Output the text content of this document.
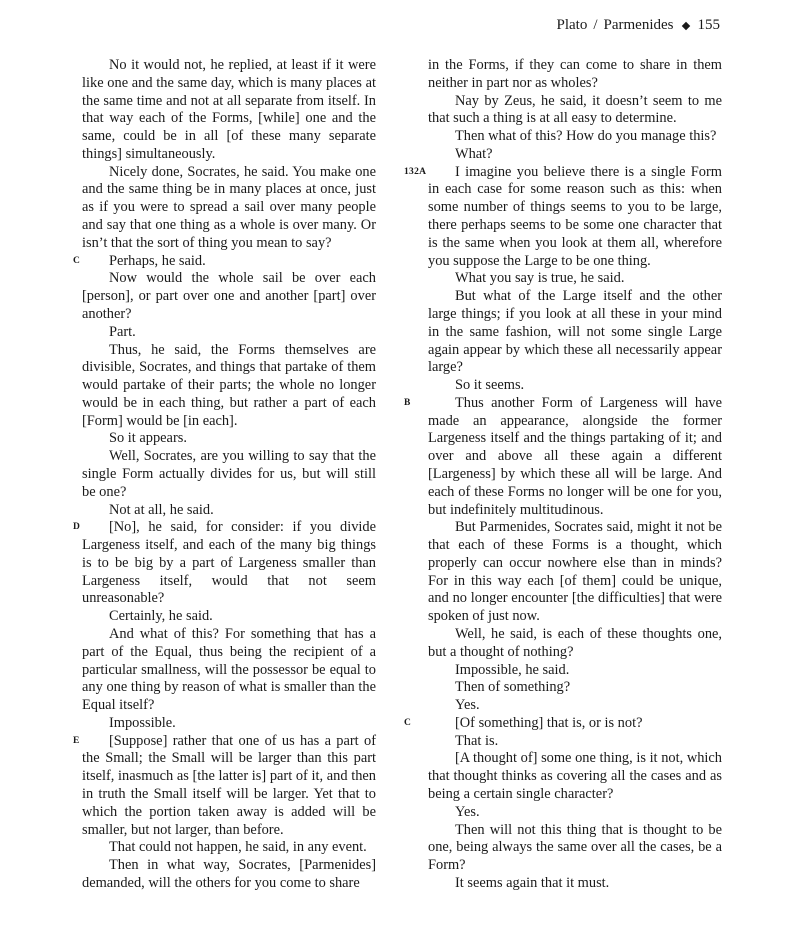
Plato / Parmenides 155

No it would not, he replied, at least if it were like one and the same day, which is many places at the same time and not at all separate from itself. In that way each of the Forms, [while] one and the same, could be in all [of these many separate things] simultaneously.

Nicely done, Socrates, he said. You make one and the same thing be in many places at once, just as if you were to spread a sail over many people and say that one thing as a whole is over many. Or isn’t that the sort of thing you mean to say?

C Perhaps, he said.

Now would the whole sail be over each [person], or part over one and another [part] over another?

Part.

Thus, he said, the Forms themselves are divisible, Socrates, and things that partake of them would partake of their parts; the whole no longer would be in each thing, but rather a part of each [Form] would be [in each].

So it appears.

Well, Socrates, are you willing to say that the single Form actually divides for us, but will still be one?

Not at all, he said.

D [No], he said, for consider: if you divide Largeness itself, and each of the many big things is to be big by a part of Largeness smaller than Largeness itself, would that not seem unreasonable?

Certainly, he said.

And what of this? For something that has a part of the Equal, thus being the recipient of a particular smallness, will the possessor be equal to any one thing by reason of what is smaller than the Equal itself?

Impossible.

E [Suppose] rather that one of us has a part of the Small; the Small will be larger than this part itself, inasmuch as [the latter is] part of it, and then in truth the Small itself will be larger. Yet that to which the portion taken away is added will be smaller, but not larger, than before.

That could not happen, he said, in any event.

Then in what way, Socrates, [Parmenides] demanded, will the others for you come to share

in the Forms, if they can come to share in them neither in part nor as wholes?

Nay by Zeus, he said, it doesn’t seem to me that such a thing is at all easy to determine.

Then what of this? How do you manage this?

What?

132A I imagine you believe there is a single Form in each case for some reason such as this: when some number of things seems to you to be large, there perhaps seems to be some one character that is the same when you look at them all, wherefore you suppose the Large to be one thing.

What you say is true, he said.

But what of the Large itself and the other large things; if you look at all these in your mind in the same fashion, will not some single Large again appear by which these all necessarily appear large?

So it seems.

B	Thus another Form of Largeness will have made an appearance, alongside the former Largeness itself and the things partaking of it; and over and above all these again a different [Largeness] by which these all will be large. And each of these Forms no longer will be one for you, but indefinitely multitudinous.

But Parmenides, Socrates said, might it not be that each of these Forms is a thought, which properly can occur nowhere else than in minds? For in this way each [of them] could be unique, and no longer encounter [the difficulties] that were spoken of just now.

Well, he said, is each of these thoughts one, but a thought of nothing?

Impossible, he said.

Then of something?

Yes.

C	[Of something] that is, or is not?

That is.

[A thought of] some one thing, is it not, which that thought thinks as covering all the cases and as being a certain single character?

Yes.

Then will not this thing that is thought to be one, being always the same over all the cases, be a Form?

It seems again that it must.
